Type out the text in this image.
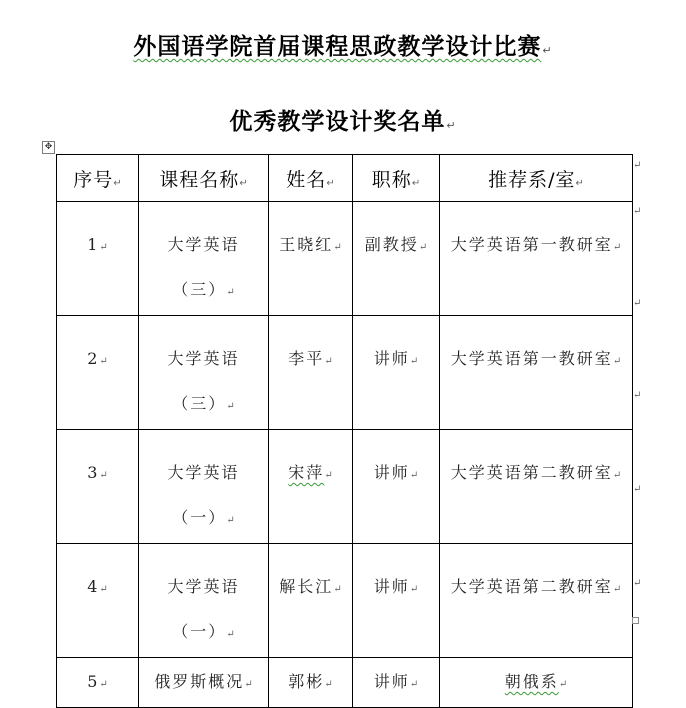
外国语学院首届课程思政教学设计比赛↵
优秀教学设计奖名单↵
✥
序号↵	课程名称↵	姓名↵	职称↵	推荐系/室↵
1↵	大学英语
（三）↵	王晓红↵	副教授↵	大学英语第一教研室↵
2↵	大学英语
（三）↵	李平↵	讲师↵	大学英语第一教研室↵
3↵	大学英语
（一）↵	宋萍↵	讲师↵	大学英语第二教研室↵
4↵	大学英语
（一）↵	解长江↵	讲师↵	大学英语第二教研室↵
5↵	俄罗斯概况↵	郭彬↵	讲师↵	朝俄系↵
↵
↵
↵
↵
↵
↵
